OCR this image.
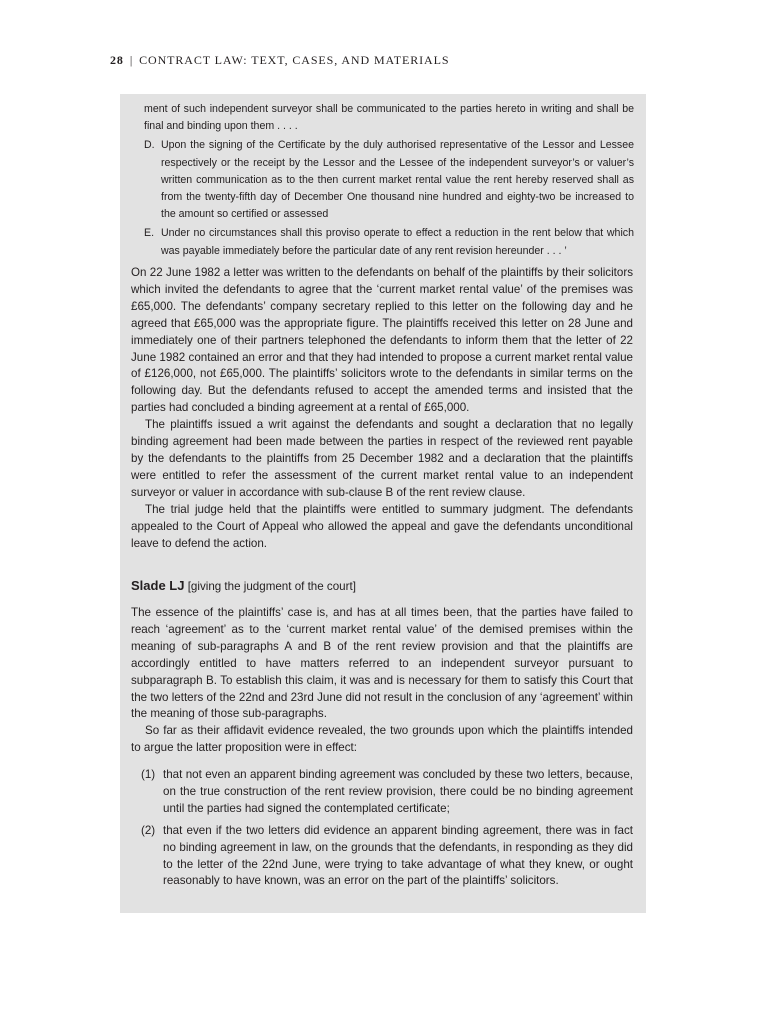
28 | CONTRACT LAW: TEXT, CASES, AND MATERIALS

ment of such independent surveyor shall be communicated to the parties hereto in writing and shall be final and binding upon them . . . .

D. Upon the signing of the Certificate by the duly authorised representative of the Lessor and Lessee respectively or the receipt by the Lessor and the Lessee of the independent surveyor’s or valuer’s written communication as to the then current market rental value the rent hereby reserved shall as from the twenty-fifth day of December One thousand nine hundred and eighty-two be increased to the amount so certified or assessed
E. Under no circumstances shall this proviso operate to effect a reduction in the rent below that which was payable immediately before the particular date of any rent revision hereunder . . . ’

On 22 June 1982 a letter was written to the defendants on behalf of the plaintiffs by their solicitors which invited the defendants to agree that the ‘current market rental value’ of the premises was £65,000. The defendants’ company secretary replied to this letter on the following day and he agreed that £65,000 was the appropriate figure. The plaintiffs received this letter on 28 June and immediately one of their partners telephoned the defendants to inform them that the letter of 22 June 1982 contained an error and that they had intended to propose a current market rental value of £126,000, not £65,000. The plaintiffs’ solicitors wrote to the defendants in similar terms on the following day. But the defendants refused to accept the amended terms and insisted that the parties had concluded a binding agreement at a rental of £65,000.

The plaintiffs issued a writ against the defendants and sought a declaration that no legally binding agreement had been made between the parties in respect of the reviewed rent payable by the defendants to the plaintiffs from 25 December 1982 and a declaration that the plaintiffs were entitled to refer the assessment of the current market rental value to an independent surveyor or valuer in accordance with sub-clause B of the rent review clause.

The trial judge held that the plaintiffs were entitled to summary judgment. The defendants appealed to the Court of Appeal who allowed the appeal and gave the defendants unconditional leave to defend the action.

Slade LJ [giving the judgment of the court]

The essence of the plaintiffs’ case is, and has at all times been, that the parties have failed to reach ‘agreement’ as to the ‘current market rental value’ of the demised premises within the meaning of sub-paragraphs A and B of the rent review provision and that the plaintiffs are accordingly entitled to have matters referred to an independent surveyor pursuant to subparagraph B. To establish this claim, it was and is necessary for them to satisfy this Court that the two letters of the 22nd and 23rd June did not result in the conclusion of any ‘agreement’ within the meaning of those sub-paragraphs.

So far as their affidavit evidence revealed, the two grounds upon which the plaintiffs intended to argue the latter proposition were in effect:

(1) that not even an apparent binding agreement was concluded by these two letters, because, on the true construction of the rent review provision, there could be no binding agreement until the parties had signed the contemplated certificate;
(2) that even if the two letters did evidence an apparent binding agreement, there was in fact no binding agreement in law, on the grounds that the defendants, in responding as they did to the letter of the 22nd June, were trying to take advantage of what they knew, or ought reasonably to have known, was an error on the part of the plaintiffs’ solicitors.
